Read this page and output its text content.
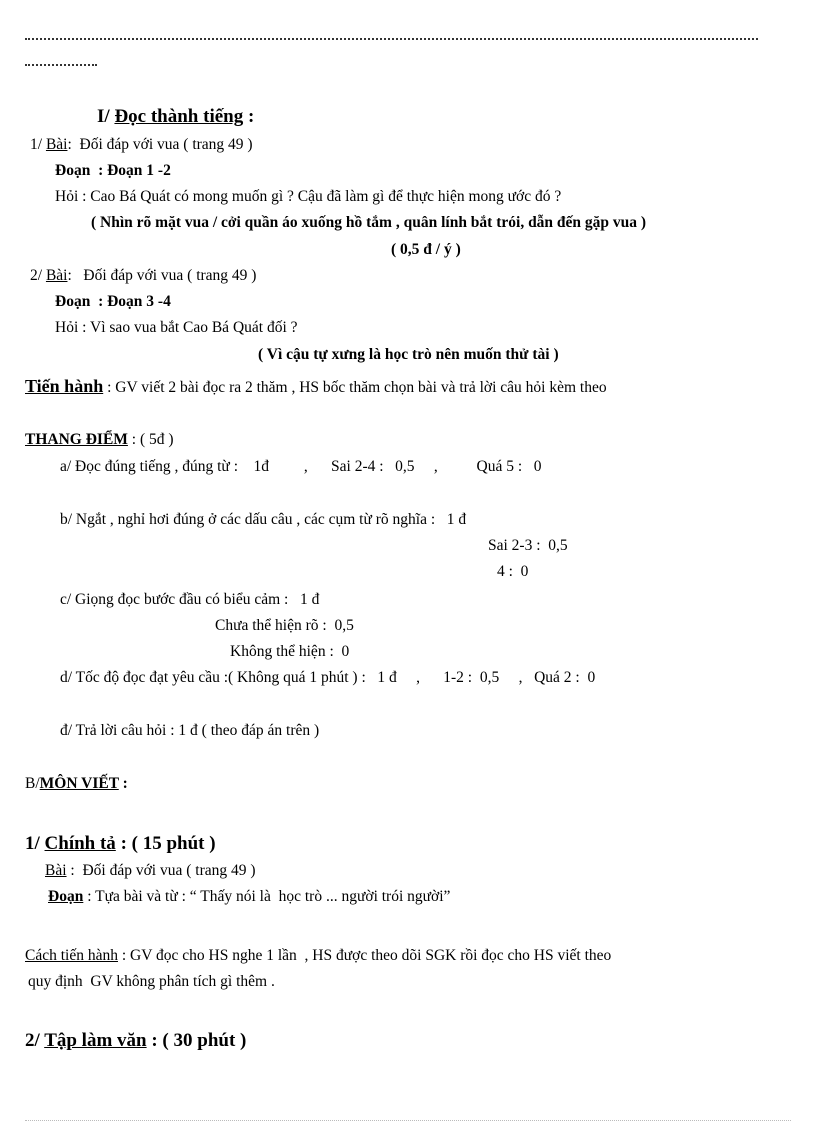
I/ Đọc thành tiếng :
1/ Bài:  Đối đáp với vua ( trang 49 )
Đoạn  : Đoạn 1 -2
Hỏi : Cao Bá Quát có mong muốn gì ? Cậu đã làm gì để thực hiện mong ước đó ?
( Nhìn rõ mặt vua / cởi quần áo xuống hồ tắm , quân lính bắt trói, dẫn đến gặp vua )
( 0,5 đ / ý )
2/ Bài:   Đối đáp với vua ( trang 49 )
Đoạn  : Đoạn 3 -4
Hỏi : Vì sao vua bắt Cao Bá Quát đối ?
( Vì cậu tự xưng là học trò nên muốn thử tài )
Tiến hành : GV viết 2 bài đọc ra 2 thăm , HS bốc thăm chọn bài và trả lời câu hỏi kèm theo
THANG ĐIỂM : ( 5đ )
a/ Đọc đúng tiếng , đúng từ :    1đ         ,      Sai 2-4 :   0,5     ,          Quá 5 :   0
b/ Ngắt , nghỉ hơi đúng ở các dấu câu , các cụm từ rõ nghĩa :   1 đ
Sai 2-3 :  0,5
4 :  0
c/ Giọng đọc bước đầu có biểu cảm :   1 đ
Chưa thể hiện rõ :  0,5
Không thể hiện :  0
d/ Tốc độ đọc đạt yêu cầu :( Không quá 1 phút ) :   1 đ     ,      1-2 :  0,5     ,   Quá 2 :  0
đ/ Trả lời câu hỏi : 1 đ ( theo đáp án trên )
B/MÔN VIẾT :
1/ Chính tả : ( 15 phút )
Bài :  Đối đáp với vua ( trang 49 )
Đoạn : Tựa bài và từ : “ Thấy nói là  học trò ... người trói người”
Cách tiến hành : GV đọc cho HS nghe 1 lần  , HS được theo dõi SGK rồi đọc cho HS viết theo
quy định  GV không phân tích gì thêm .
2/ Tập làm văn : ( 30 phút )
